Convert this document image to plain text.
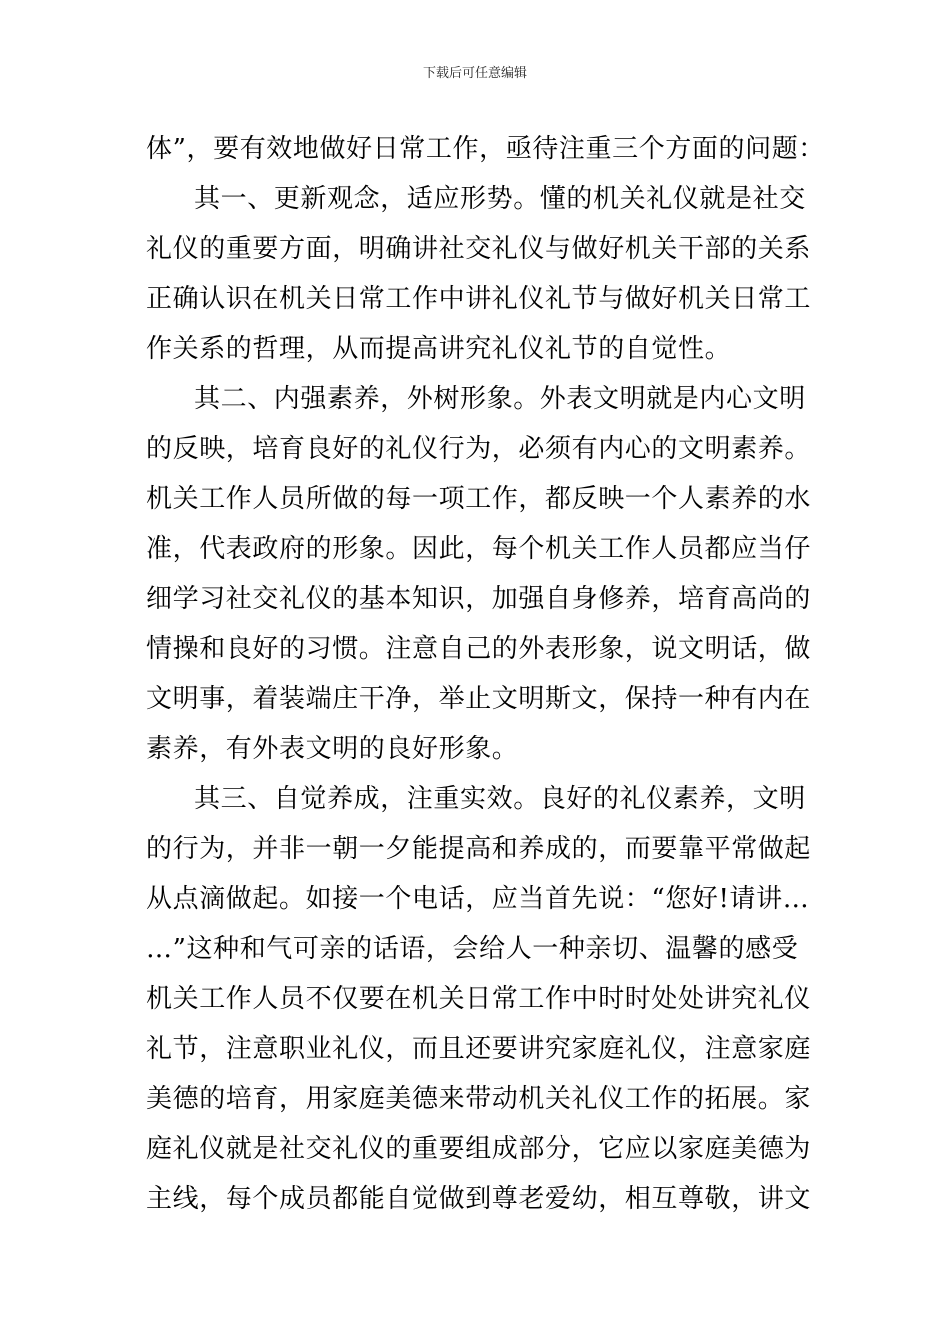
下载后可任意编辑
体”，要有效地做好日常工作，亟待注重三个方面的问题：
其一、更新观念，适应形势。懂的机关礼仪就是社交
礼仪的重要方面，明确讲社交礼仪与做好机关干部的关系
正确认识在机关日常工作中讲礼仪礼节与做好机关日常工
作关系的哲理，从而提高讲究礼仪礼节的自觉性。
其二、内强素养，外树形象。外表文明就是内心文明
的反映，培育良好的礼仪行为，必须有内心的文明素养。
机关工作人员所做的每一项工作，都反映一个人素养的水
准，代表政府的形象。因此，每个机关工作人员都应当仔
细学习社交礼仪的基本知识，加强自身修养，培育高尚的
情操和良好的习惯。注意自己的外表形象，说文明话，做
文明事，着装端庄干净，举止文明斯文，保持一种有内在
素养，有外表文明的良好形象。
其三、自觉养成，注重实效。良好的礼仪素养，文明
的行为，并非一朝一夕能提高和养成的，而要靠平常做起
从点滴做起。如接一个电话，应当首先说：“您好!请讲…
…”这种和气可亲的话语，会给人一种亲切、温馨的感受
机关工作人员不仅要在机关日常工作中时时处处讲究礼仪
礼节，注意职业礼仪，而且还要讲究家庭礼仪，注意家庭
美德的培育，用家庭美德来带动机关礼仪工作的拓展。家
庭礼仪就是社交礼仪的重要组成部分，它应以家庭美德为
主线，每个成员都能自觉做到尊老爱幼，相互尊敬，讲文
